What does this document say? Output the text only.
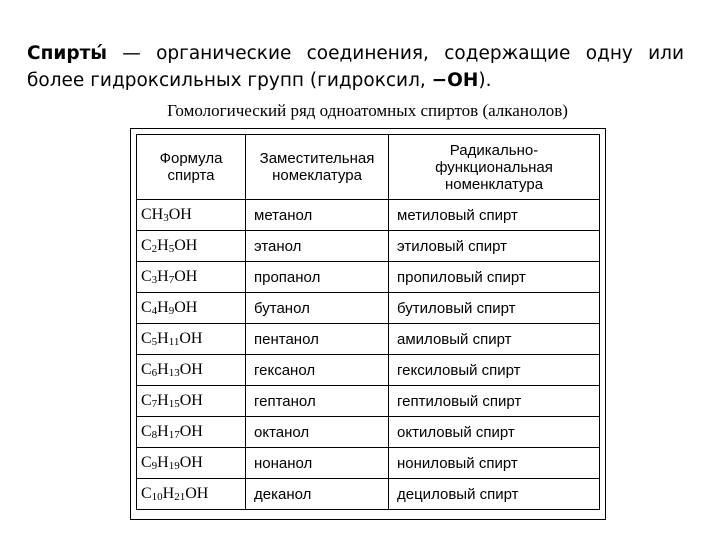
Спирты́ — органические соединения, содержащие одну или более гидроксильных групп (гидроксил, −OH).

Гомологический ряд одноатомных спиртов (алканолов)
Формула спирта	Заместительная номеклатура	Радикально-функциональная номенклатура
$CH_3OH$	метанол	метиловый спирт
$C_2H_5OH$	этанол	этиловый спирт
$C_3H_7OH$	пропанол	пропиловый спирт
$C_4H_9OH$	бутанол	бутиловый спирт
$C_5H_{11}OH$	пентанол	амиловый спирт
$C_6H_{13}OH$	гексанол	гексиловый спирт
$C_7H_{15}OH$	гептанол	гептиловый спирт
$C_8H_{17}OH$	октанол	октиловый спирт
$C_9H_{19}OH$	нонанол	нониловый спирт
$C_{10}H_{21}OH$	деканол	дециловый спирт
